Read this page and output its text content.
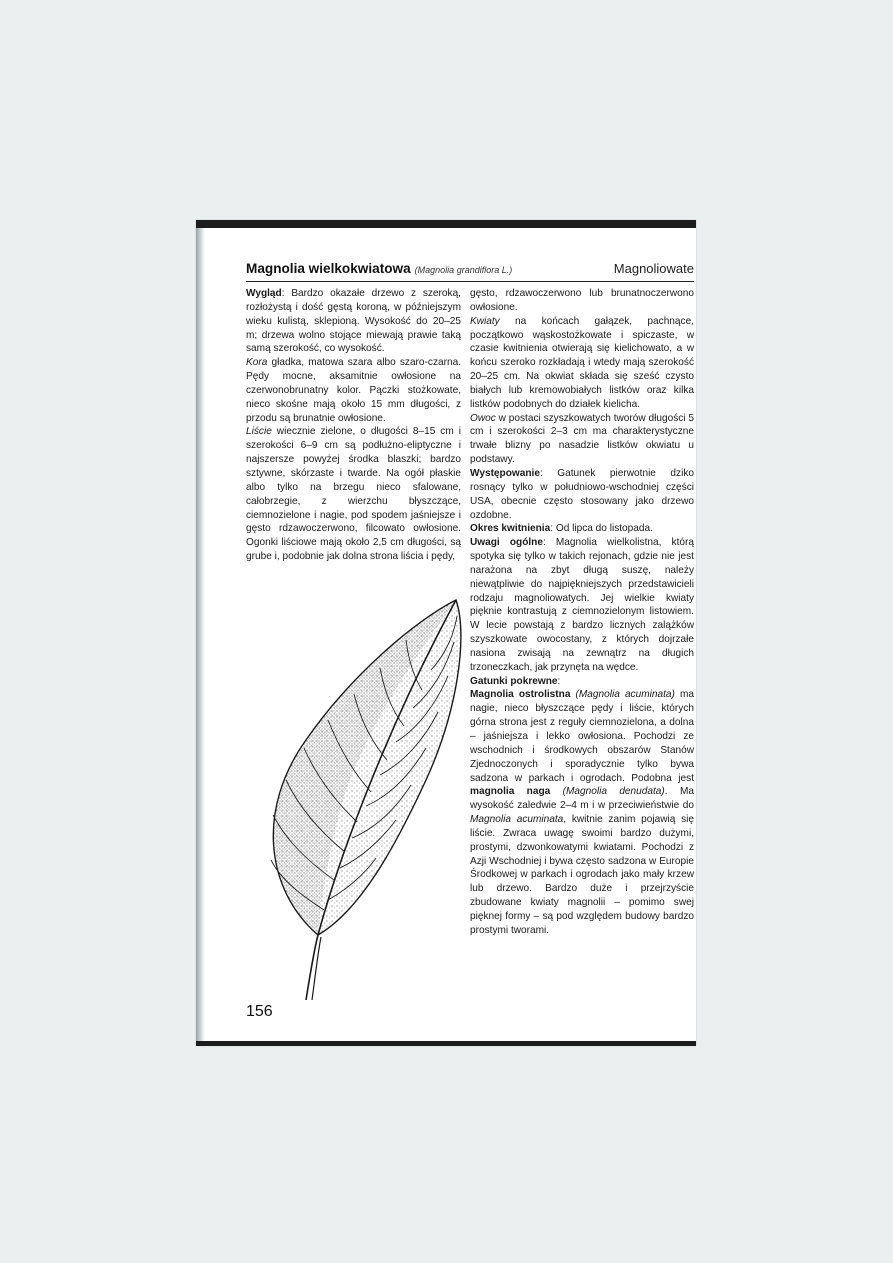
Magnolia wielkokwiatowa (Magnolia grandiflora L.)	Magnoliowate

Wygląd: Bardzo okazałe drzewo z szeroką, rozłożystą i dość gęstą koroną, w późniejszym wieku kulistą, sklepioną. Wysokość do 20–25 m; drzewa wolno stojące miewają prawie taką samą szerokość, co wysokość.

Kora gładka, matowa szara albo szaro-czarna. Pędy mocne, aksamitnie owłosione na czerwonobrunatny kolor. Pączki stożkowate, nieco skośne mają około 15 mm długości, z przodu są brunatnie owłosione.

Liście wiecznie zielone, o długości 8–15 cm i szerokości 6–9 cm są podłużno-eliptyczne i najszersze powyżej środka blaszki; bardzo sztywne, skórzaste i twarde. Na ogół płaskie albo tylko na brzegu nieco sfalowane, całobrzegie, z wierzchu błyszczące, ciemnozielone i nagie, pod spodem jaśniejsze i gęsto rdzawoczerwono, filcowato owłosione. Ogonki liściowe mają około 2,5 cm długości, są grube i, podobnie jak dolna strona liścia i pędy,

gęsto, rdzawoczerwono lub brunatnoczerwono owłosione.

Kwiaty na końcach gałązek, pachnące, początkowo wąskostożkowate i spiczaste, w czasie kwitnienia otwierają się kielichowato, a w końcu szeroko rozkładają i wtedy mają szerokość 20–25 cm. Na okwiat składa się sześć czysto białych lub kremowobiałych listków oraz kilka listków podobnych do działek kielicha.

Owoc w postaci szyszkowatych tworów długości 5 cm i szerokości 2–3 cm ma charakterystyczne trwałe blizny po nasadzie listków okwiatu u podstawy.

Występowanie: Gatunek pierwotnie dziko rosnący tylko w południowo-wschodniej części USA, obecnie często stosowany jako drzewo ozdobne.

Okres kwitnienia: Od lipca do listopada.

Uwagi ogólne: Magnolia wielkolistna, którą spotyka się tylko w takich rejonach, gdzie nie jest narażona na zbyt długą suszę, należy niewątpliwie do najpiękniejszych przedstawicieli rodzaju magnoliowatych. Jej wielkie kwiaty pięknie kontrastują z ciemnozielonym listowiem. W lecie powstają z bardzo licznych zalążków szyszkowate owocostany, z których dojrzałe nasiona zwisają na zewnątrz na długich trzoneczkach, jak przynęta na wędce.

Gatunki pokrewne:

Magnolia ostrolistna (Magnolia acuminata) ma nagie, nieco błyszczące pędy i liście, których górna strona jest z reguły ciemnozielona, a dolna – jaśniejsza i lekko owłosiona. Pochodzi ze wschodnich i środkowych obszarów Stanów Zjednoczonych i sporadycznie tylko bywa sadzona w parkach i ogrodach. Podobna jest magnolia naga (Magnolia denudata). Ma wysokość zaledwie 2–4 m i w przeciwieństwie do Magnolia acuminata, kwitnie zanim pojawią się liście. Zwraca uwagę swoimi bardzo dużymi, prostymi, dzwonkowatymi kwiatami. Pochodzi z Azji Wschodniej i bywa często sadzona w Europie Środkowej w parkach i ogrodach jako mały krzew lub drzewo. Bardzo duże i przejrzyście zbudowane kwiaty magnolii – pomimo swej pięknej formy – są pod względem budowy bardzo prostymi tworami.

156
